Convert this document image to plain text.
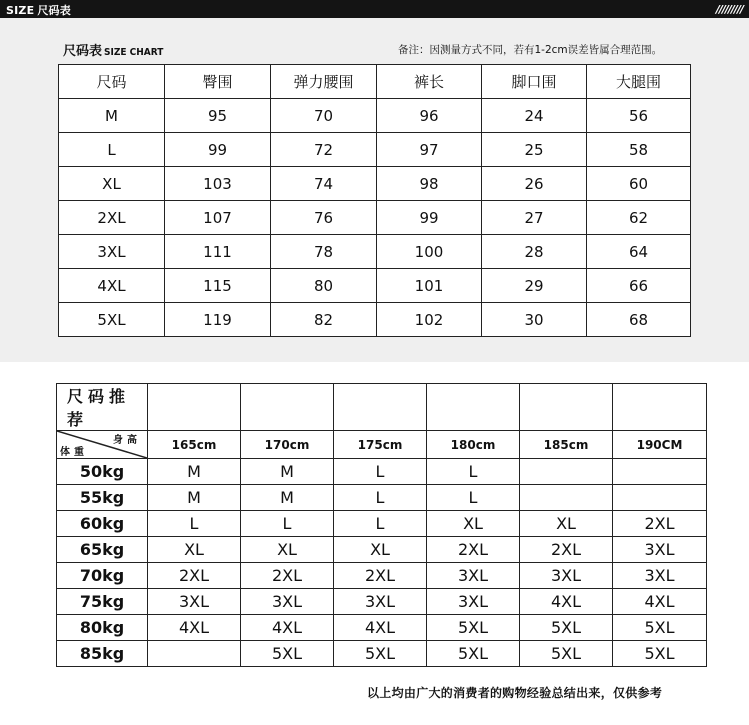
SIZE 尺码表	/////////
尺码表 SIZE CHART	备注：因测量方式不同，若有1-2cm误差皆属合理范围。
尺码	臀围	弹力腰围	裤长	脚口围	大腿围
M	95	70	96	24	56
L	99	72	97	25	58
XL	103	74	98	26	60
2XL	107	76	99	27	62
3XL	111	78	100	28	64
4XL	115	80	101	29	66
5XL	119	82	102	30	68
尺码推荐						

身高
体重	165cm	170cm	175cm	180cm	185cm	190CM
50kg	M	M	L	L		
55kg	M	M	L	L		
60kg	L	L	L	XL	XL	2XL
65kg	XL	XL	XL	2XL	2XL	3XL
70kg	2XL	2XL	2XL	3XL	3XL	3XL
75kg	3XL	3XL	3XL	3XL	4XL	4XL
80kg	4XL	4XL	4XL	5XL	5XL	5XL
85kg		5XL	5XL	5XL	5XL	5XL
以上均由广大的消费者的购物经验总结出来，仅供参考
